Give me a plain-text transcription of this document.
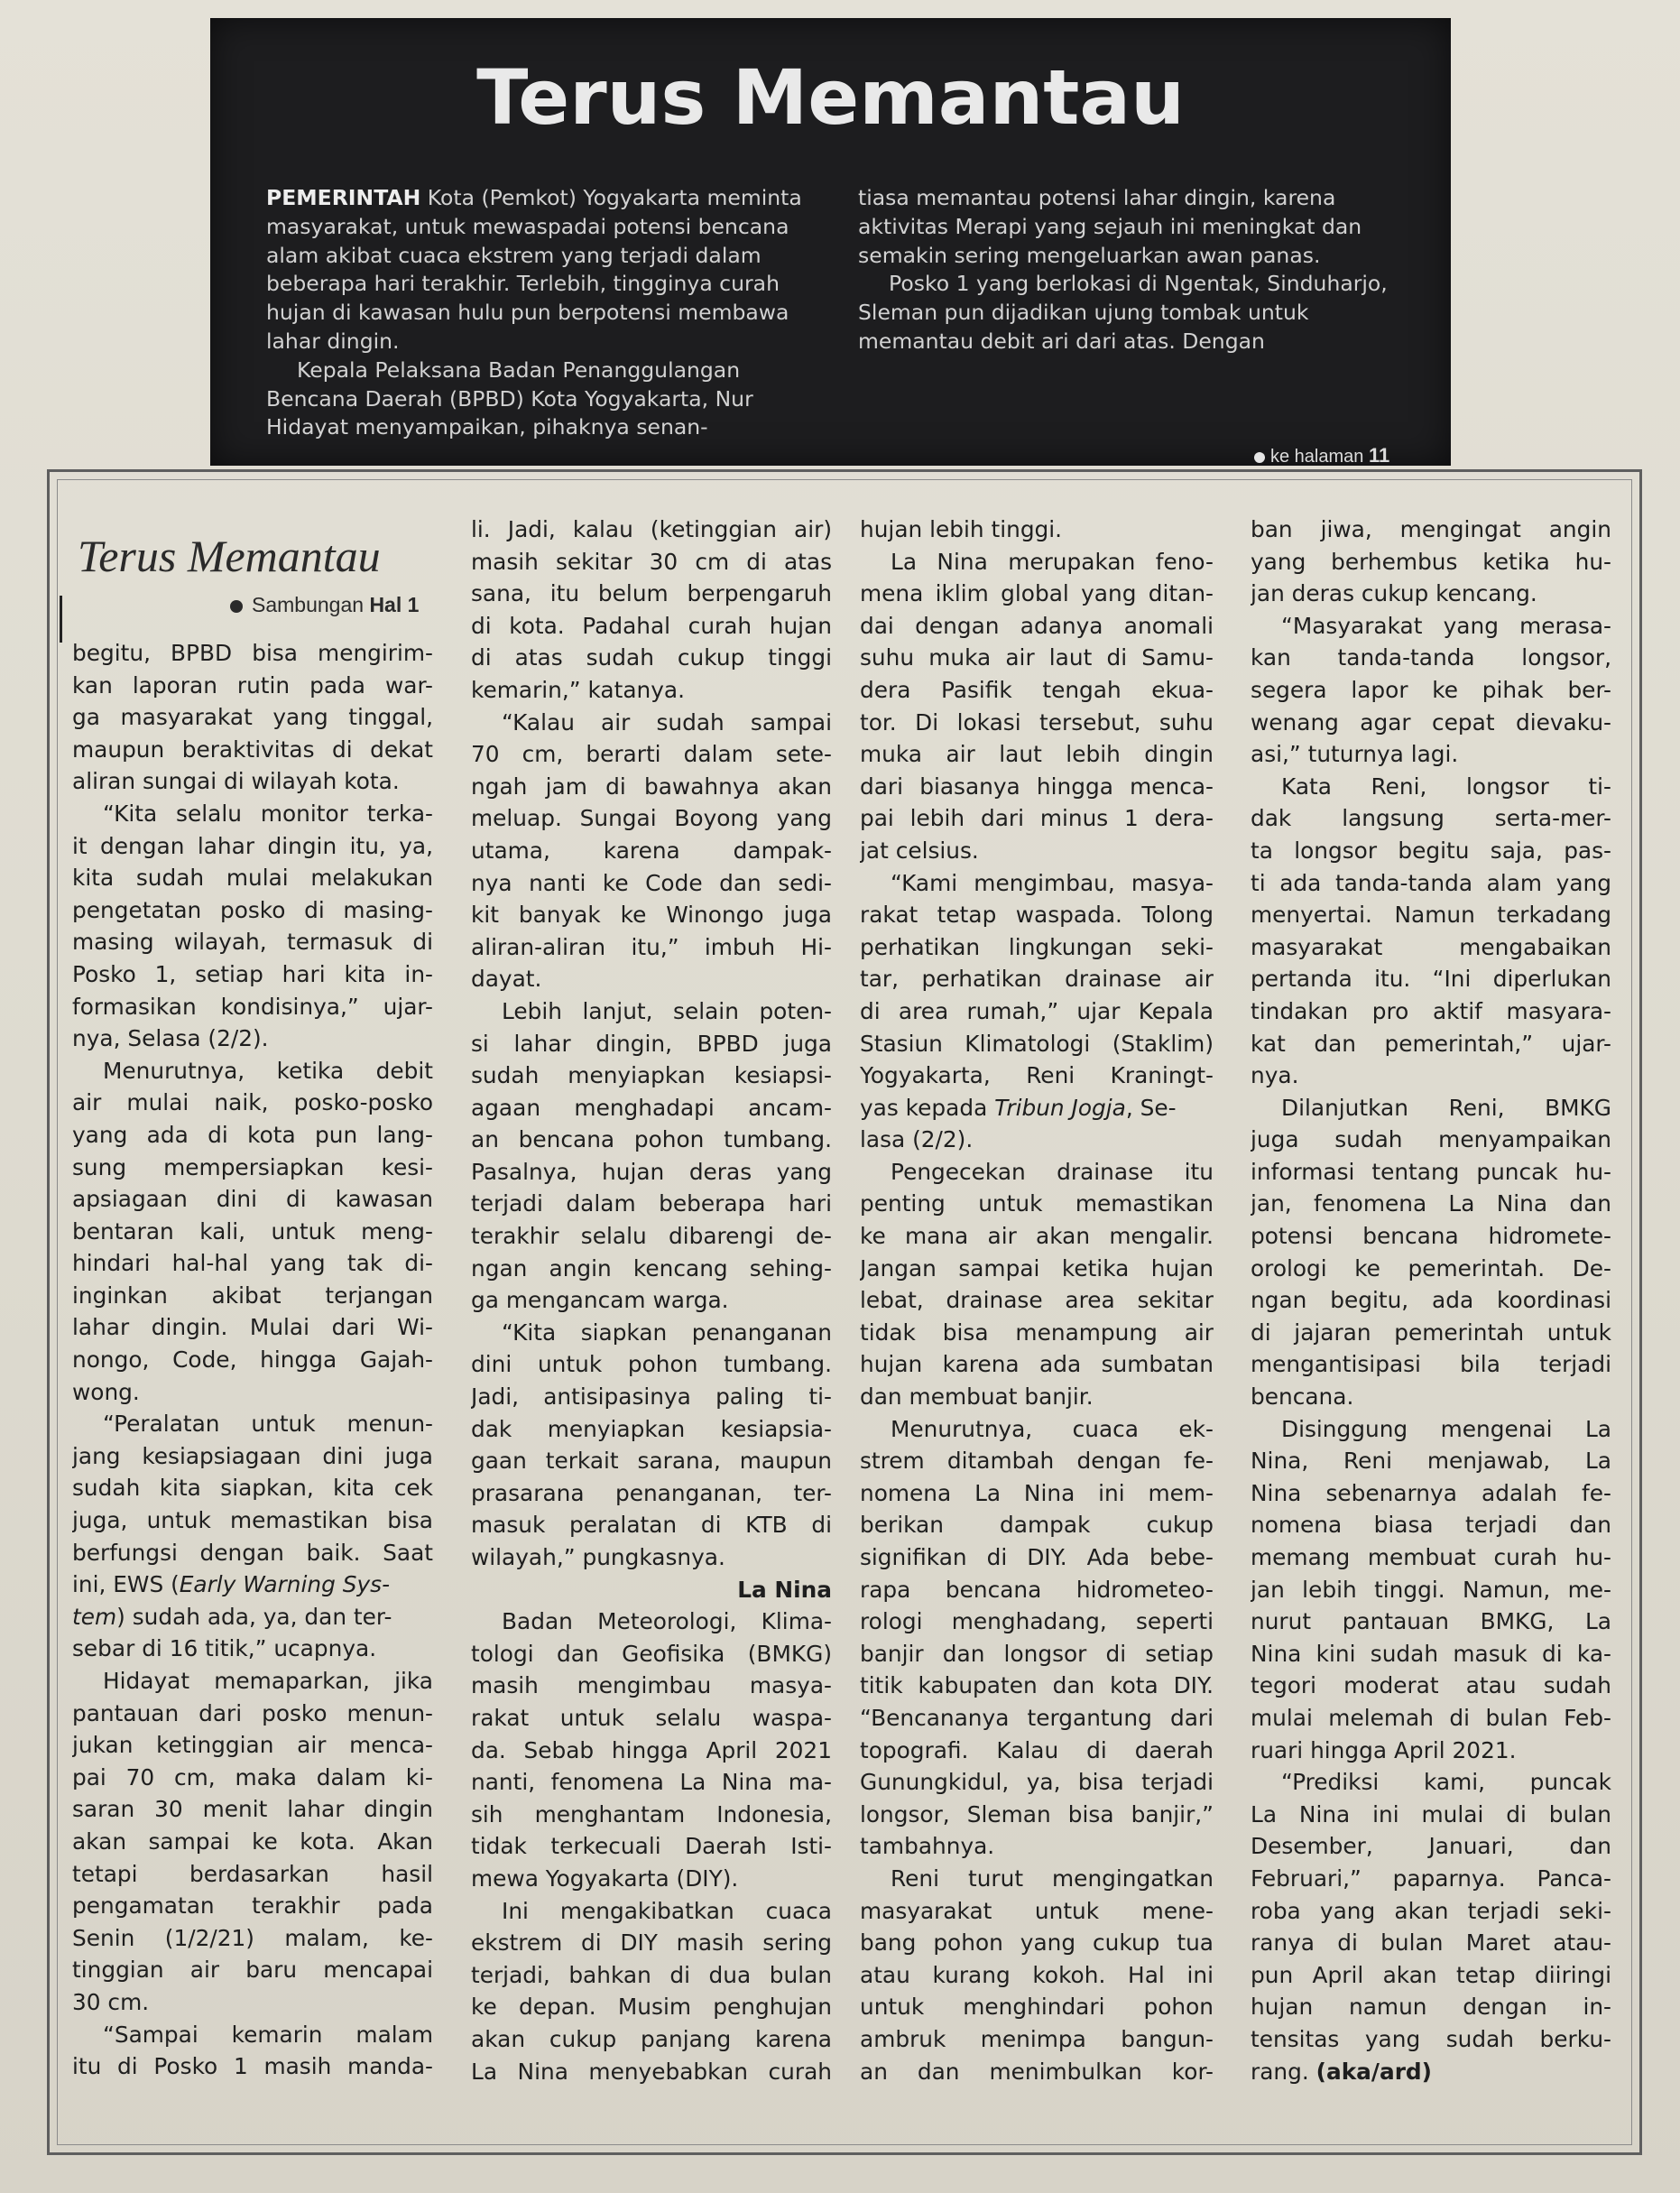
Terus Memantau

PEMERINTAH Kota (Pemkot) Yogyakarta meminta masyarakat, untuk mewaspadai potensi bencana alam akibat cuaca ekstrem yang terjadi dalam beberapa hari terakhir. Terlebih, tingginya curah hujan di kawasan hulu pun berpotensi membawa lahar dingin.

Kepala Pelaksana Badan Penanggulangan Bencana Daerah (BPBD) Kota Yogyakarta, Nur Hidayat menyampaikan, pihaknya senan-

tiasa memantau potensi lahar dingin, karena aktivitas Merapi yang sejauh ini meningkat dan semakin sering mengeluarkan awan panas.

Posko 1 yang berlokasi di Ngentak, Sinduharjo, Sleman pun dijadikan ujung tombak untuk memantau debit ari dari atas. Dengan

ke halaman 11
Terus Memantau
Sambungan Hal 1
begitu, BPBD bisa mengirim-
kan laporan rutin pada war-
ga masyarakat yang tinggal,
maupun beraktivitas di dekat
aliran sungai di wilayah kota.
“Kita selalu monitor terka-
it dengan lahar dingin itu, ya,
kita sudah mulai melakukan
pengetatan posko di masing-
masing wilayah, termasuk di
Posko 1, setiap hari kita in-
formasikan kondisinya,” ujar-
nya, Selasa (2/2).
Menurutnya, ketika debit
air mulai naik, posko-posko
yang ada di kota pun lang-
sung mempersiapkan kesi-
apsiagaan dini di kawasan
bentaran kali, untuk meng-
hindari hal-hal yang tak di-
inginkan akibat terjangan
lahar dingin. Mulai dari Wi-
nongo, Code, hingga Gajah-
wong.
“Peralatan untuk menun-
jang kesiapsiagaan dini juga
sudah kita siapkan, kita cek
juga, untuk memastikan bisa
berfungsi dengan baik. Saat
ini, EWS (Early Warning Sys-
tem) sudah ada, ya, dan ter-
sebar di 16 titik,” ucapnya.
Hidayat memaparkan, jika
pantauan dari posko menun-
jukan ketinggian air menca-
pai 70 cm, maka dalam ki-
saran 30 menit lahar dingin
akan sampai ke kota. Akan
tetapi berdasarkan hasil
pengamatan terakhir pada
Senin (1/2/21) malam, ke-
tinggian air baru mencapai
30 cm.
“Sampai kemarin malam
itu di Posko 1 masih manda-
li. Jadi, kalau (ketinggian air)
masih sekitar 30 cm di atas
sana, itu belum berpengaruh
di kota. Padahal curah hujan
di atas sudah cukup tinggi
kemarin,” katanya.
“Kalau air sudah sampai
70 cm, berarti dalam sete-
ngah jam di bawahnya akan
meluap. Sungai Boyong yang
utama, karena dampak-
nya nanti ke Code dan sedi-
kit banyak ke Winongo juga
aliran-aliran itu,” imbuh Hi-
dayat.
Lebih lanjut, selain poten-
si lahar dingin, BPBD juga
sudah menyiapkan kesiapsi-
agaan menghadapi ancam-
an bencana pohon tumbang.
Pasalnya, hujan deras yang
terjadi dalam beberapa hari
terakhir selalu dibarengi de-
ngan angin kencang sehing-
ga mengancam warga.
“Kita siapkan penanganan
dini untuk pohon tumbang.
Jadi, antisipasinya paling ti-
dak menyiapkan kesiapsia-
gaan terkait sarana, maupun
prasarana penanganan, ter-
masuk peralatan di KTB di
wilayah,” pungkasnya.
La Nina
Badan Meteorologi, Klima-
tologi dan Geofisika (BMKG)
masih mengimbau masya-
rakat untuk selalu waspa-
da. Sebab hingga April 2021
nanti, fenomena La Nina ma-
sih menghantam Indonesia,
tidak terkecuali Daerah Isti-
mewa Yogyakarta (DIY).
Ini mengakibatkan cuaca
ekstrem di DIY masih sering
terjadi, bahkan di dua bulan
ke depan. Musim penghujan
akan cukup panjang karena
La Nina menyebabkan curah
hujan lebih tinggi.
La Nina merupakan feno-
mena iklim global yang ditan-
dai dengan adanya anomali
suhu muka air laut di Samu-
dera Pasifik tengah ekua-
tor. Di lokasi tersebut, suhu
muka air laut lebih dingin
dari biasanya hingga menca-
pai lebih dari minus 1 dera-
jat celsius.
“Kami mengimbau, masya-
rakat tetap waspada. Tolong
perhatikan lingkungan seki-
tar, perhatikan drainase air
di area rumah,” ujar Kepala
Stasiun Klimatologi (Staklim)
Yogyakarta, Reni Kraningt-
yas kepada Tribun Jogja, Se-
lasa (2/2).
Pengecekan drainase itu
penting untuk memastikan
ke mana air akan mengalir.
Jangan sampai ketika hujan
lebat, drainase area sekitar
tidak bisa menampung air
hujan karena ada sumbatan
dan membuat banjir.
Menurutnya, cuaca ek-
strem ditambah dengan fe-
nomena La Nina ini mem-
berikan dampak cukup
signifikan di DIY. Ada bebe-
rapa bencana hidrometeo-
rologi menghadang, seperti
banjir dan longsor di setiap
titik kabupaten dan kota DIY.
“Bencananya tergantung dari
topografi. Kalau di daerah
Gunungkidul, ya, bisa terjadi
longsor, Sleman bisa banjir,”
tambahnya.
Reni turut mengingatkan
masyarakat untuk mene-
bang pohon yang cukup tua
atau kurang kokoh. Hal ini
untuk menghindari pohon
ambruk menimpa bangun-
an dan menimbulkan kor-
ban jiwa, mengingat angin
yang berhembus ketika hu-
jan deras cukup kencang.
“Masyarakat yang merasa-
kan tanda-tanda longsor,
segera lapor ke pihak ber-
wenang agar cepat dievaku-
asi,” tuturnya lagi.
Kata Reni, longsor ti-
dak langsung serta-mer-
ta longsor begitu saja, pas-
ti ada tanda-tanda alam yang
menyertai. Namun terkadang
masyarakat mengabaikan
pertanda itu. “Ini diperlukan
tindakan pro aktif masyara-
kat dan pemerintah,” ujar-
nya.
Dilanjutkan Reni, BMKG
juga sudah menyampaikan
informasi tentang puncak hu-
jan, fenomena La Nina dan
potensi bencana hidromete-
orologi ke pemerintah. De-
ngan begitu, ada koordinasi
di jajaran pemerintah untuk
mengantisipasi bila terjadi
bencana.
Disinggung mengenai La
Nina, Reni menjawab, La
Nina sebenarnya adalah fe-
nomena biasa terjadi dan
memang membuat curah hu-
jan lebih tinggi. Namun, me-
nurut pantauan BMKG, La
Nina kini sudah masuk di ka-
tegori moderat atau sudah
mulai melemah di bulan Feb-
ruari hingga April 2021.
“Prediksi kami, puncak
La Nina ini mulai di bulan
Desember, Januari, dan
Februari,” paparnya. Panca-
roba yang akan terjadi seki-
ranya di bulan Maret atau-
pun April akan tetap diiringi
hujan namun dengan in-
tensitas yang sudah berku-
rang. (aka/ard)
